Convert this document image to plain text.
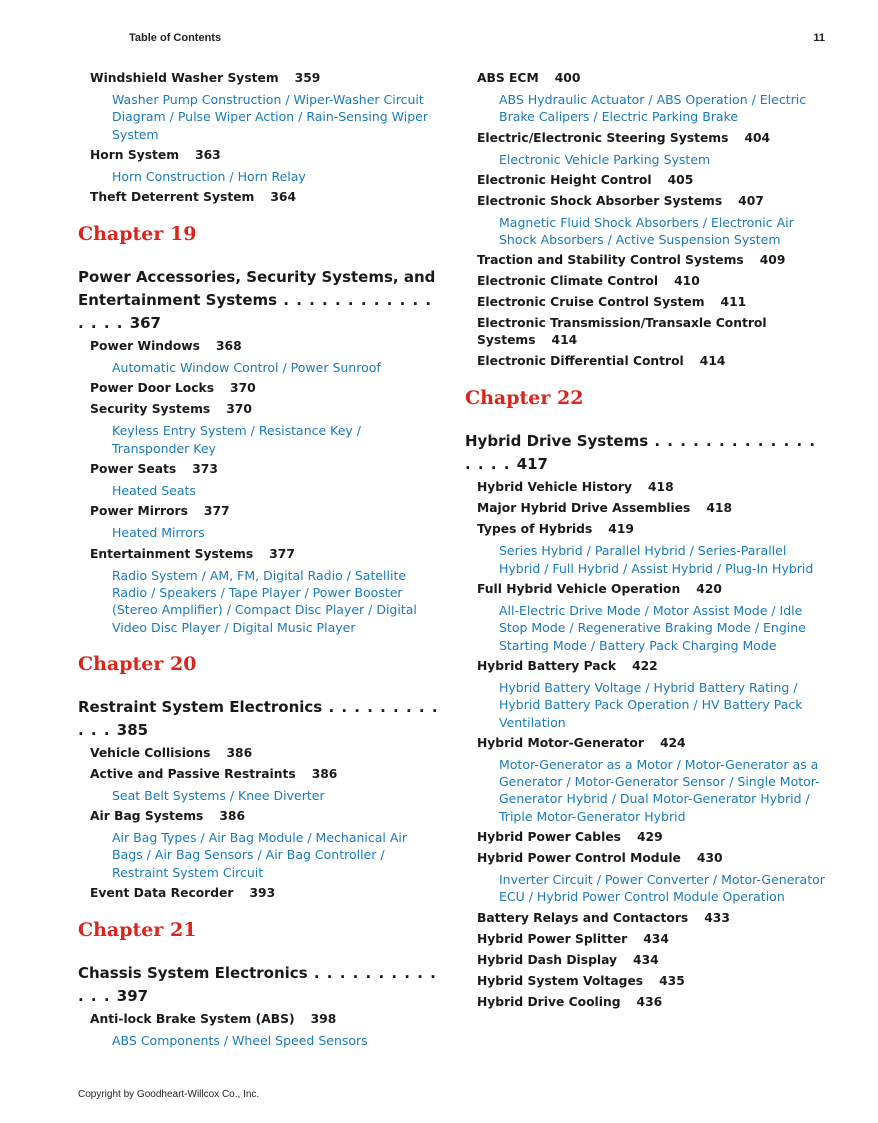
Table of Contents	11
Windshield Washer System 359
Washer Pump Construction / Wiper-Washer Circuit Diagram / Pulse Wiper Action / Rain-Sensing Wiper System
Horn System 363
Horn Construction / Horn Relay
Theft Deterrent System 364
Chapter 19
Power Accessories, Security Systems, and Entertainment Systems . . . . . . . . . . . . . . . . 367
Power Windows 368
Automatic Window Control / Power Sunroof
Power Door Locks 370
Security Systems 370
Keyless Entry System / Resistance Key / Transponder Key
Power Seats 373
Heated Seats
Power Mirrors 377
Heated Mirrors
Entertainment Systems 377
Radio System / AM, FM, Digital Radio / Satellite Radio / Speakers / Tape Player / Power Booster (Stereo Amplifier) / Compact Disc Player / Digital Video Disc Player / Digital Music Player
Chapter 20
Restraint System Electronics . . . . . . . . . . . . 385
Vehicle Collisions 386
Active and Passive Restraints 386
Seat Belt Systems / Knee Diverter
Air Bag Systems 386
Air Bag Types / Air Bag Module / Mechanical Air Bags / Air Bag Sensors / Air Bag Controller / Restraint System Circuit
Event Data Recorder 393
Chapter 21
Chassis System Electronics . . . . . . . . . . . . . 397
Anti-lock Brake System (ABS) 398
ABS Components / Wheel Speed Sensors
ABS ECM 400
ABS Hydraulic Actuator / ABS Operation / Electric Brake Calipers / Electric Parking Brake
Electric/Electronic Steering Systems 404
Electronic Vehicle Parking System
Electronic Height Control 405
Electronic Shock Absorber Systems 407
Magnetic Fluid Shock Absorbers / Electronic Air Shock Absorbers / Active Suspension System
Traction and Stability Control Systems 409
Electronic Climate Control 410
Electronic Cruise Control System 411
Electronic Transmission/Transaxle Control Systems 414
Electronic Differential Control 414
Chapter 22
Hybrid Drive Systems . . . . . . . . . . . . . . . . . 417
Hybrid Vehicle History 418
Major Hybrid Drive Assemblies 418
Types of Hybrids 419
Series Hybrid / Parallel Hybrid / Series-Parallel Hybrid / Full Hybrid / Assist Hybrid / Plug-In Hybrid
Full Hybrid Vehicle Operation 420
All-Electric Drive Mode / Motor Assist Mode / Idle Stop Mode / Regenerative Braking Mode / Engine Starting Mode / Battery Pack Charging Mode
Hybrid Battery Pack 422
Hybrid Battery Voltage / Hybrid Battery Rating / Hybrid Battery Pack Operation / HV Battery Pack Ventilation
Hybrid Motor-Generator 424
Motor-Generator as a Motor / Motor-Generator as a Generator / Motor-Generator Sensor / Single Motor-Generator Hybrid / Dual Motor-Generator Hybrid / Triple Motor-Generator Hybrid
Hybrid Power Cables 429
Hybrid Power Control Module 430
Inverter Circuit / Power Converter / Motor-Generator ECU / Hybrid Power Control Module Operation
Battery Relays and Contactors 433
Hybrid Power Splitter 434
Hybrid Dash Display 434
Hybrid System Voltages 435
Hybrid Drive Cooling 436
Copyright by Goodheart-Willcox Co., Inc.
